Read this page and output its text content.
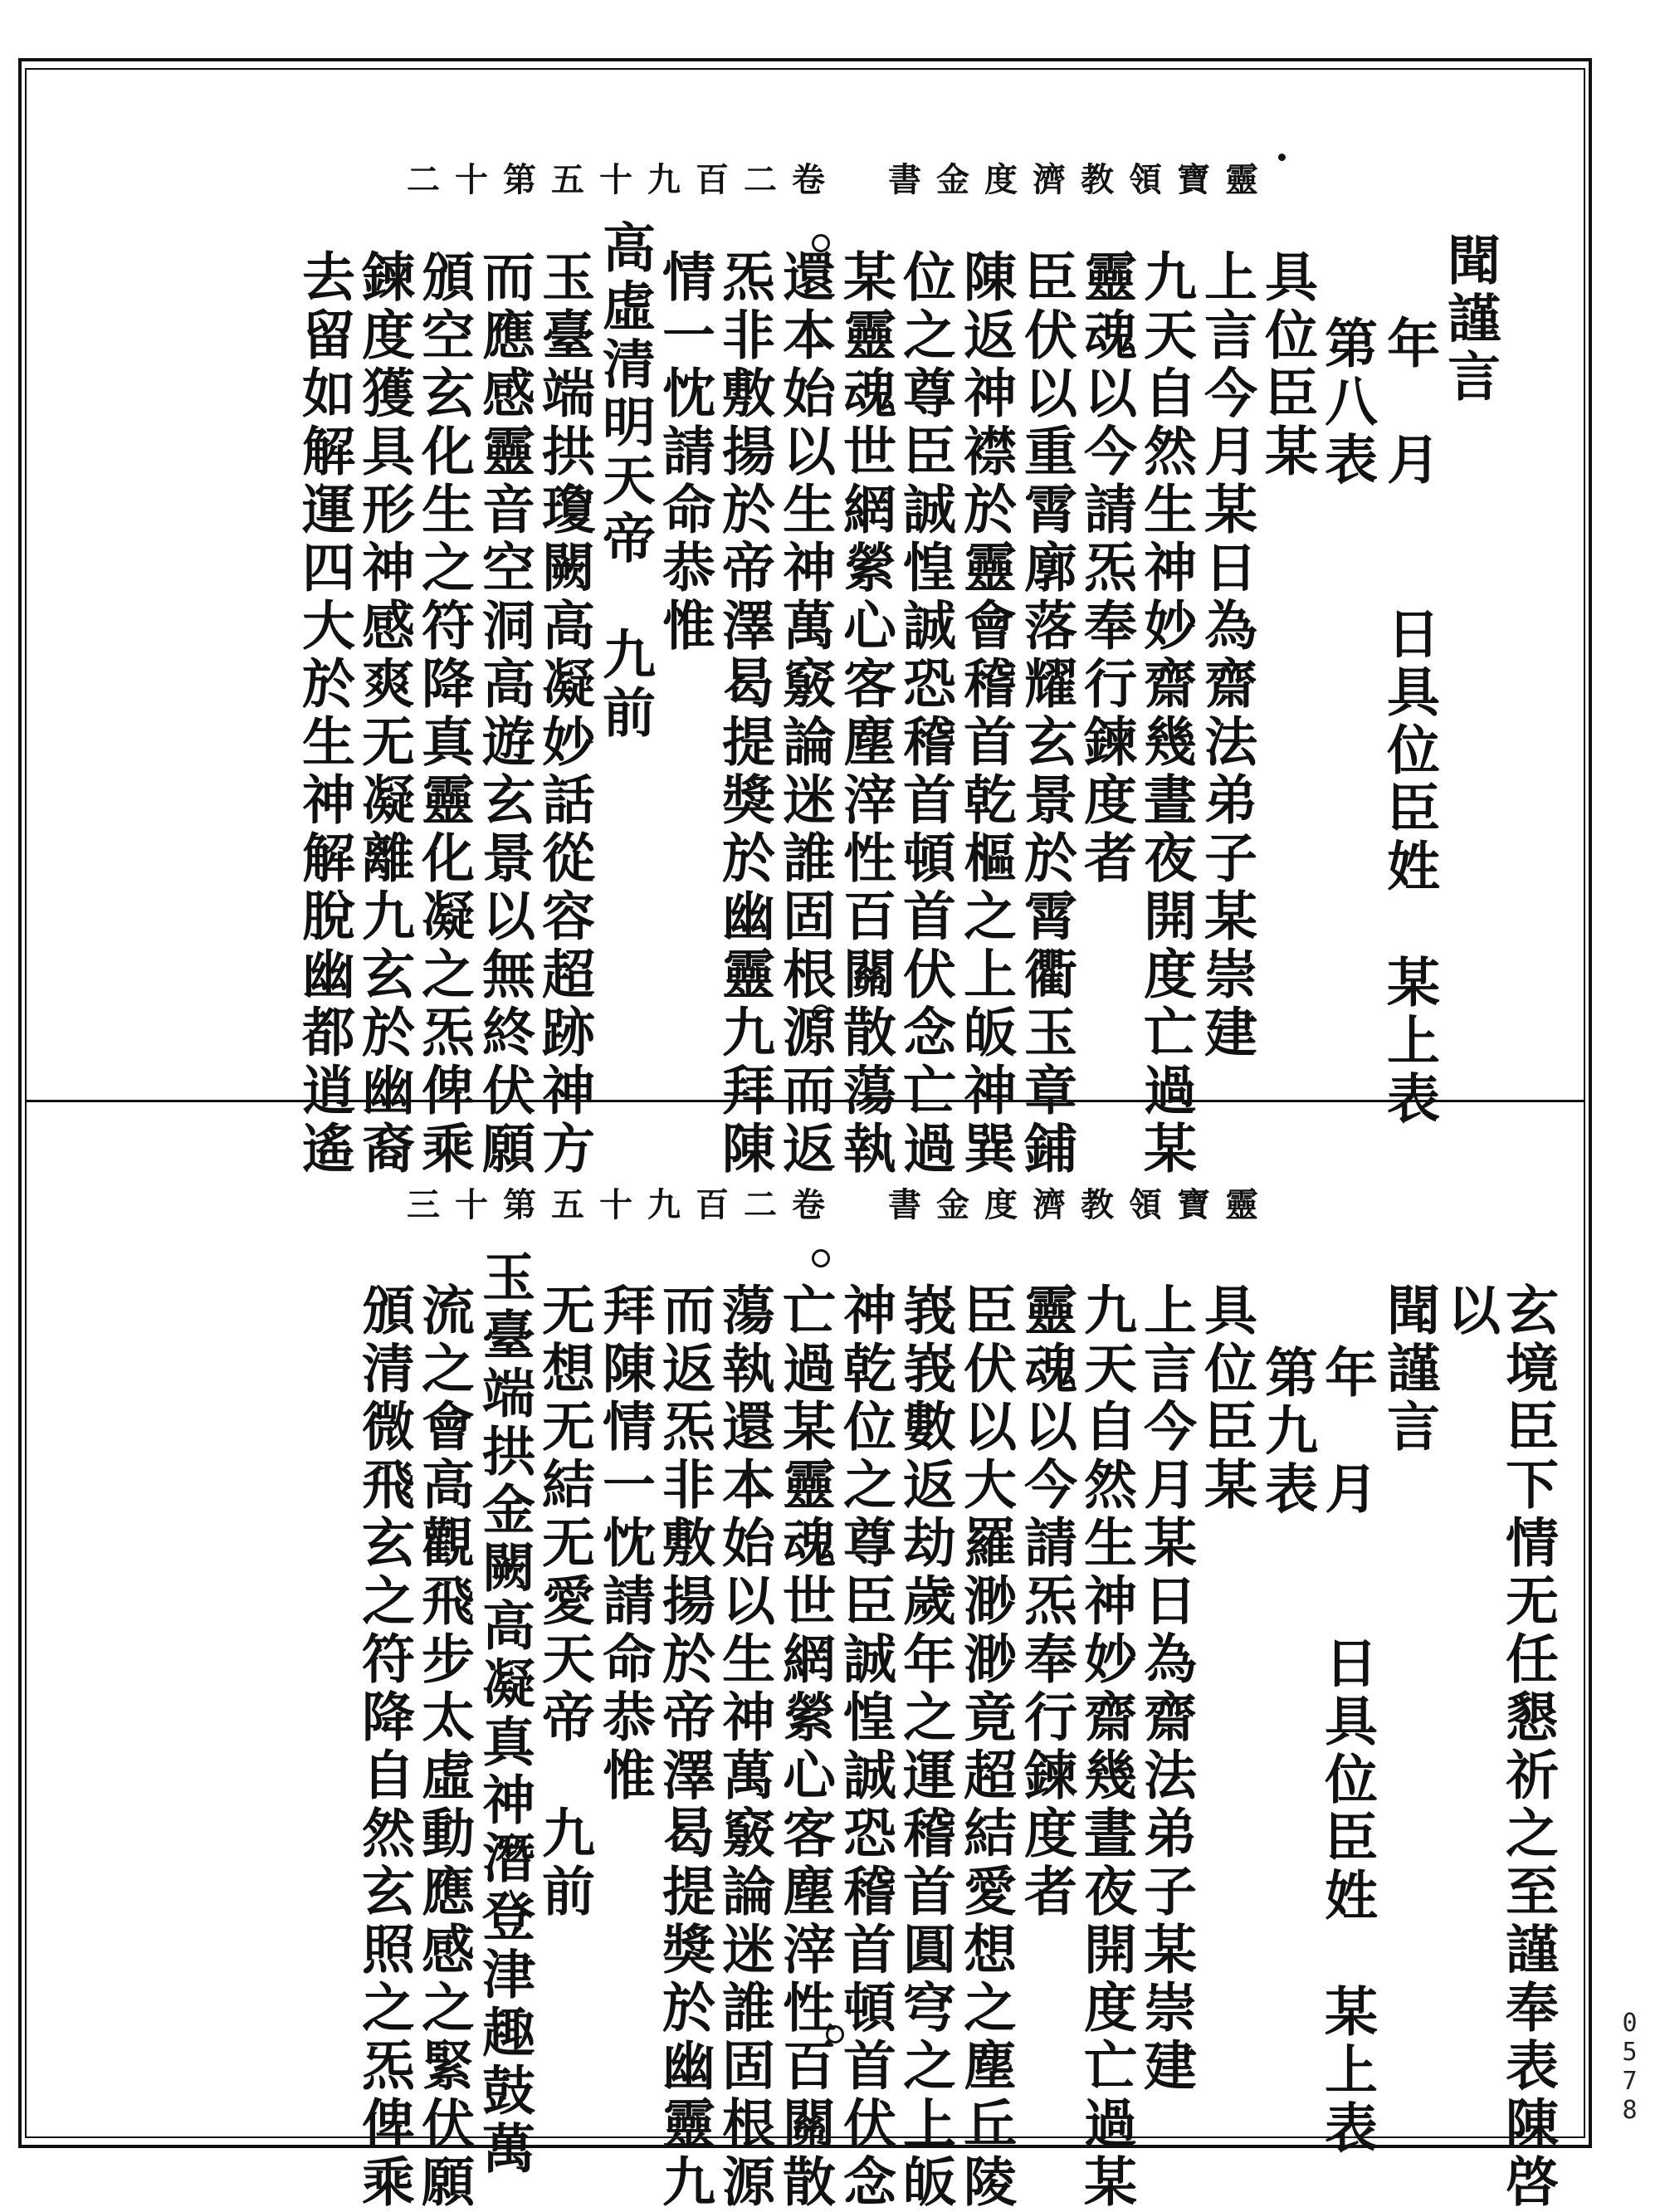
二十第五十九百二卷　書金度濟教領寶靈
聞謹言
年　月　　日具位臣姓　某上表
第八表
具位臣某
上言今月某日為齋法弟子某崇建
九天自然生神妙齋幾晝夜開度亡過某
靈魂以今請炁奉行鍊度者
臣伏以重霄廓落耀玄景於霄衢玉章鋪
陳返神襟於靈會稽首乾樞之上皈神巽
位之尊臣誠惶誠恐稽首頓首伏念亡過
某靈魂世網縈心客塵滓性百關散蕩執
還本始以生神萬竅論迷誰固根源而返
炁非敷揚於帝澤曷提獎於幽靈九拜陳
情一忱請命恭惟
高虛清明天帝　九前
玉臺端拱瓊闕高凝妙話從容超跡神方
而應感靈音空洞高遊玄景以無終伏願
頒空玄化生之符降真靈化凝之炁俾乘
鍊度獲具形神感爽无凝離九玄於幽裔
去留如解運四大於生神解脫幽都逍遙
三十第五十九百二卷　書金度濟教領寶靈
玄境臣下情无任懇祈之至謹奉表陳啓
以
聞謹言
年　月　　日具位臣姓　某上表
第九表
具位臣某
上言今月某日為齋法弟子某崇建
九天自然生神妙齋幾晝夜開度亡過某
靈魂以今請炁奉行鍊度者
臣伏以大羅渺渺竟超結愛想之塵丘陵
峩峩數返劫歲年之運稽首圓穹之上皈
神乾位之尊臣誠惶誠恐稽首頓首伏念
亡過某靈魂世網縈心客塵滓性百關散
蕩執還本始以生神萬竅論迷誰固根源
而返炁非敷揚於帝澤曷提獎於幽靈九
拜陳情一忱請命恭惟
无想无結无愛天帝　九前
玉臺端拱金闕高凝真神潛登津趣鼓萬
流之會高觀飛步太虛動應感之緊伏願
頒清微飛玄之符降自然玄照之炁俾乘	0578
